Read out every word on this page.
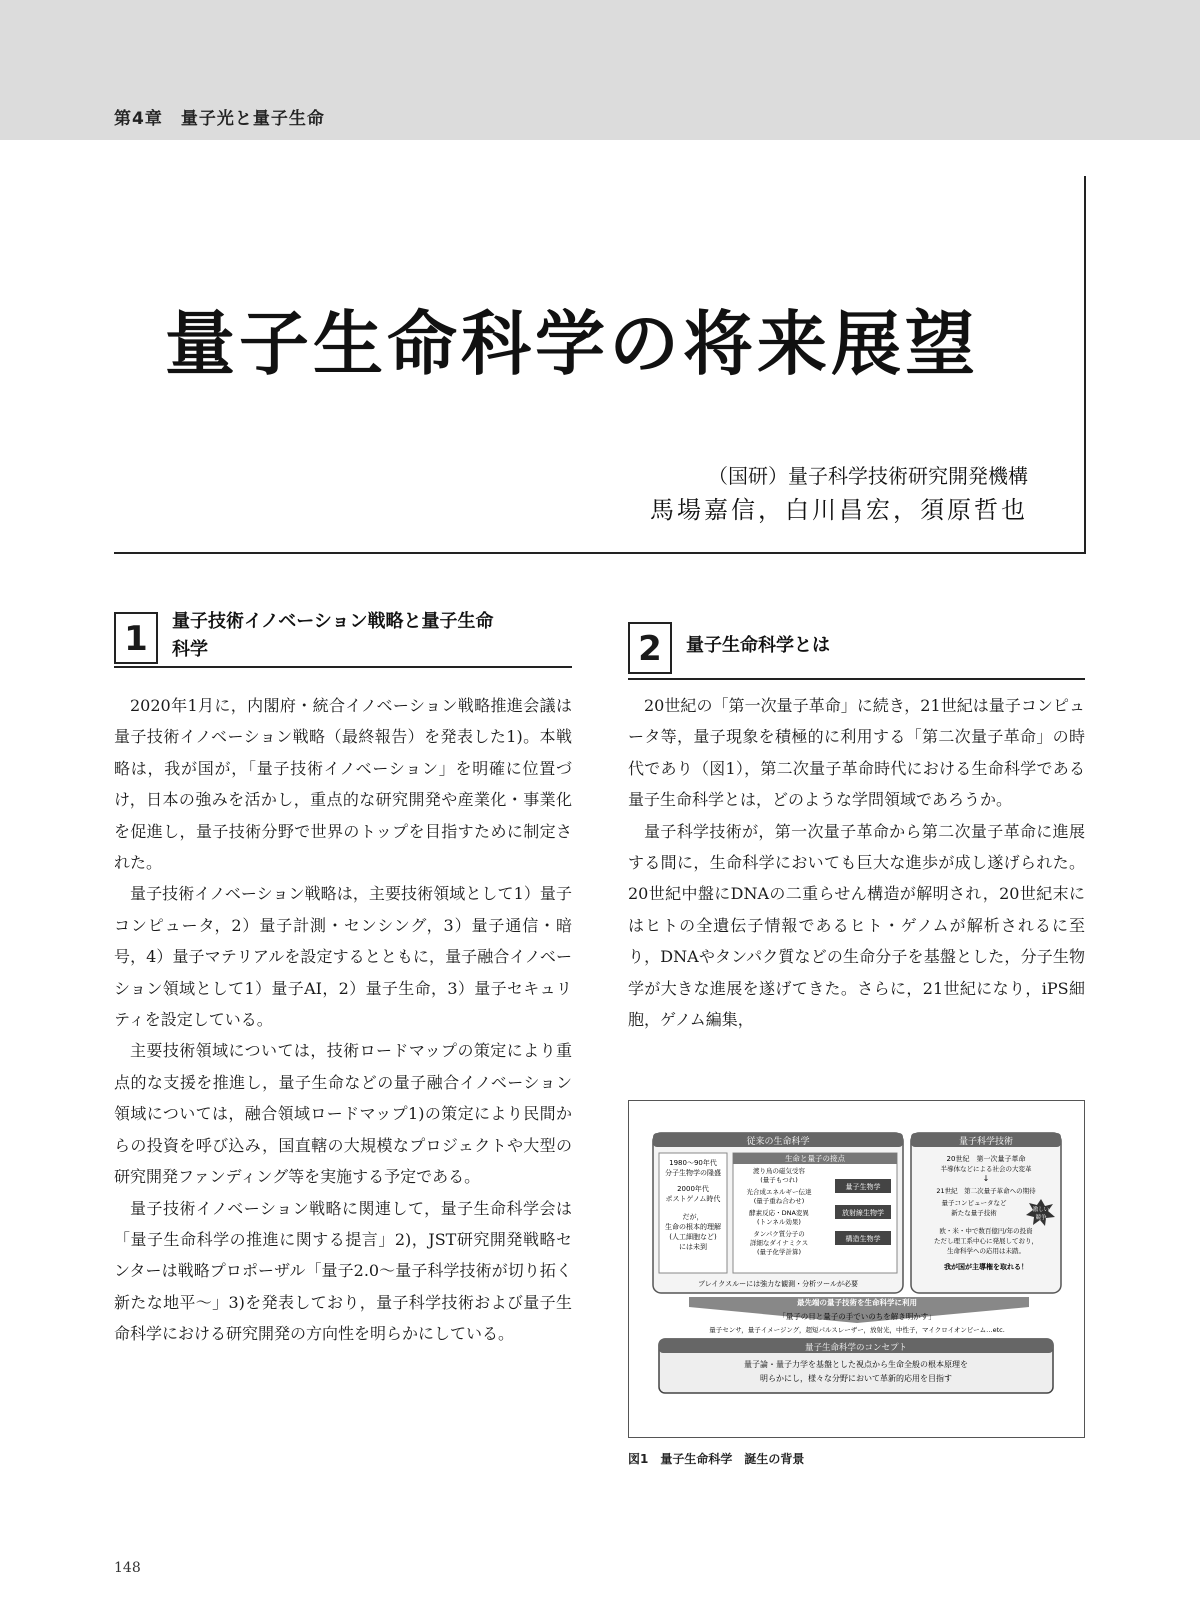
第4章　量子光と量子生命
量子生命科学の将来展望
（国研）量子科学技術研究開発機構
馬場嘉信，白川昌宏，須原哲也
1	量子技術イノベーション戦略と量子生命
科学

2020年1月に，内閣府・統合イノベーション戦略推進会議は量子技術イノベーション戦略（最終報告）を発表した1)。本戦略は，我が国が，「量子技術イノベーション」を明確に位置づけ，日本の強みを活かし，重点的な研究開発や産業化・事業化を促進し，量子技術分野で世界のトップを目指すために制定された。

量子技術イノベーション戦略は，主要技術領域として1）量子コンピュータ，2）量子計測・センシング，3）量子通信・暗号，4）量子マテリアルを設定するとともに，量子融合イノベーション領域として1）量子AI，2）量子生命，3）量子セキュリティを設定している。

主要技術領域については，技術ロードマップの策定により重点的な支援を推進し，量子生命などの量子融合イノベーション領域については，融合領域ロードマップ1)の策定により民間からの投資を呼び込み，国直轄の大規模なプロジェクトや大型の研究開発ファンディング等を実施する予定である。

量子技術イノベーション戦略に関連して，量子生命科学会は「量子生命科学の推進に関する提言」2)，JST研究開発戦略センターは戦略プロポーザル「量子2.0～量子科学技術が切り拓く新たな地平～」3)を発表しており，量子科学技術および量子生命科学における研究開発の方向性を明らかにしている。

2	量子生命科学とは

20世紀の「第一次量子革命」に続き，21世紀は量子コンピュータ等，量子現象を積極的に利用する「第二次量子革命」の時代であり（図1），第二次量子革命時代における生命科学である量子生命科学とは，どのような学問領域であろうか。

量子科学技術が，第一次量子革命から第二次量子革命に進展する間に，生命科学においても巨大な進歩が成し遂げられた。20世紀中盤にDNAの二重らせん構造が解明され，20世紀末にはヒトの全遺伝子情報であるヒト・ゲノムが解析されるに至り，DNAやタンパク質などの生命分子を基盤とした，分子生物学が大きな進展を遂げてきた。さらに，21世紀になり，iPS細胞，ゲノム編集，

従来の生命科学
1980～90年代
分子生物学の隆盛
2000年代
ポストゲノム時代
だが，
生命の根本的理解
(人工細胞など)
には未到
生命と量子の接点
渡り鳥の磁気受容
(量子もつれ)
光合成エネルギー伝達
(量子重ね合わせ)
酵素反応・DNA変異
(トンネル効果)
タンパク質分子の
詳細なダイナミクス
(量子化学計算)
量子生物学
放射線生物学
構造生物学
ブレイクスルーには強力な観測・分析ツールが必要
量子科学技術
20世紀　第一次量子革命
半導体などによる社会の大変革
↓
21世紀　第二次量子革命への期待
量子コンピュータなど
新たな量子技術	激しい
競争
欧・米・中で数百億円/年の投資
ただし理工系中心に発展しており，
生命科学への応用は未踏。
我が国が主導権を取れる！
最先端の量子技術を生命科学に利用
「量子の目と量子の手でいのちを解き明かす」
量子センサ，量子イメージング，超短パルスレーザー，放射光，中性子，マイクロイオンビーム…etc.
量子生命科学のコンセプト
量子論・量子力学を基盤とした視点から生命全般の根本原理を
明らかにし，様々な分野において革新的応用を目指す
図1　量子生命科学　誕生の背景
148
